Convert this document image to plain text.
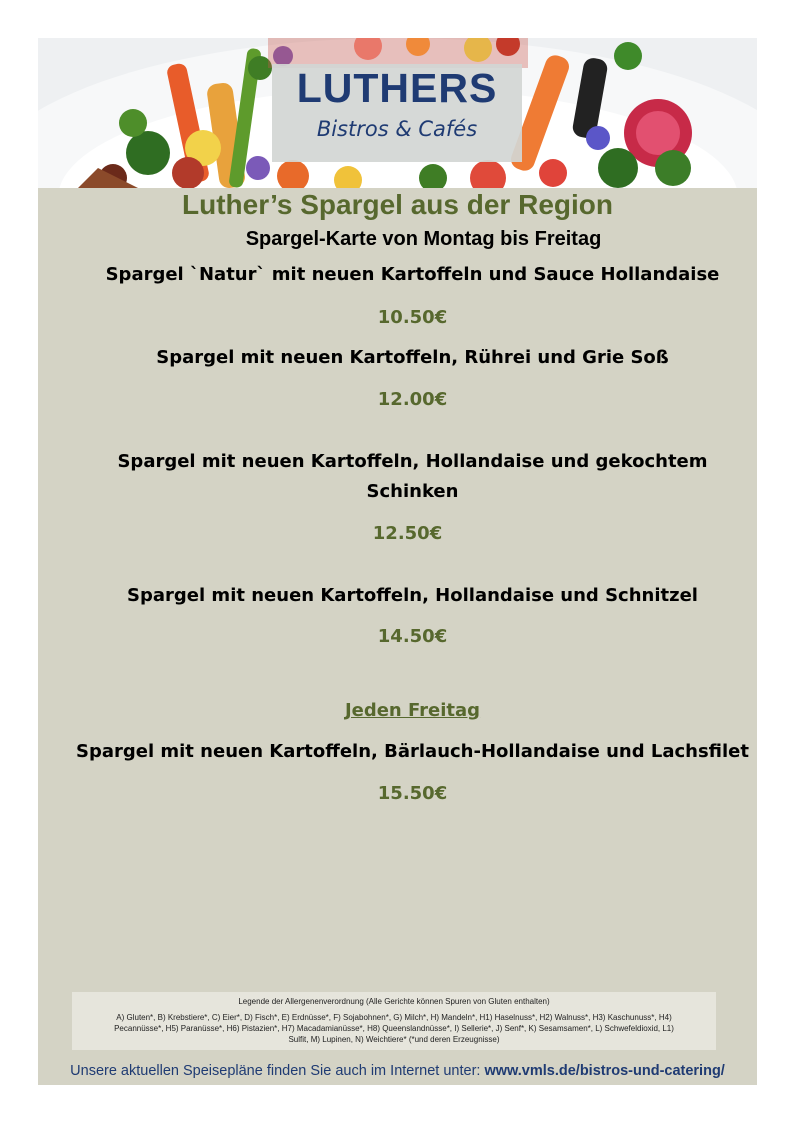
LUTHERS
Bistros & Cafés
Luther’s Spargel aus der Region
Spargel-Karte von Montag bis Freitag
Spargel `Natur` mit neuen Kartoffeln und Sauce Hollandaise
10.50€
Spargel mit neuen Kartoffeln, Rührei und Grie Soß
12.00€
Spargel mit neuen Kartoffeln, Hollandaise und gekochtem
Schinken
12.50€
Spargel mit neuen Kartoffeln, Hollandaise und Schnitzel
14.50€
Jeden Freitag
Spargel mit neuen Kartoffeln, Bärlauch-Hollandaise und Lachsfilet
15.50€
Legende der Allergenenverordnung (Alle Gerichte können Spuren von Gluten enthalten)
A) Gluten*, B) Krebstiere*, C) Eier*, D) Fisch*, E) Erdnüsse*, F) Sojabohnen*, G) Milch*, H) Mandeln*, H1) Haselnuss*, H2) Walnuss*, H3) Kaschunuss*, H4) Pecannüsse*, H5) Paranüsse*, H6) Pistazien*, H7) Macadamianüsse*, H8) Queenslandnüsse*, I) Sellerie*, J) Senf*, K) Sesamsamen*, L) Schwefeldioxid, L1) Sulfit, M) Lupinen, N) Weichtiere* (*und deren Erzeugnisse)
Unsere aktuellen Speisepläne finden Sie auch im Internet unter: www.vmls.de/bistros-und-catering/
